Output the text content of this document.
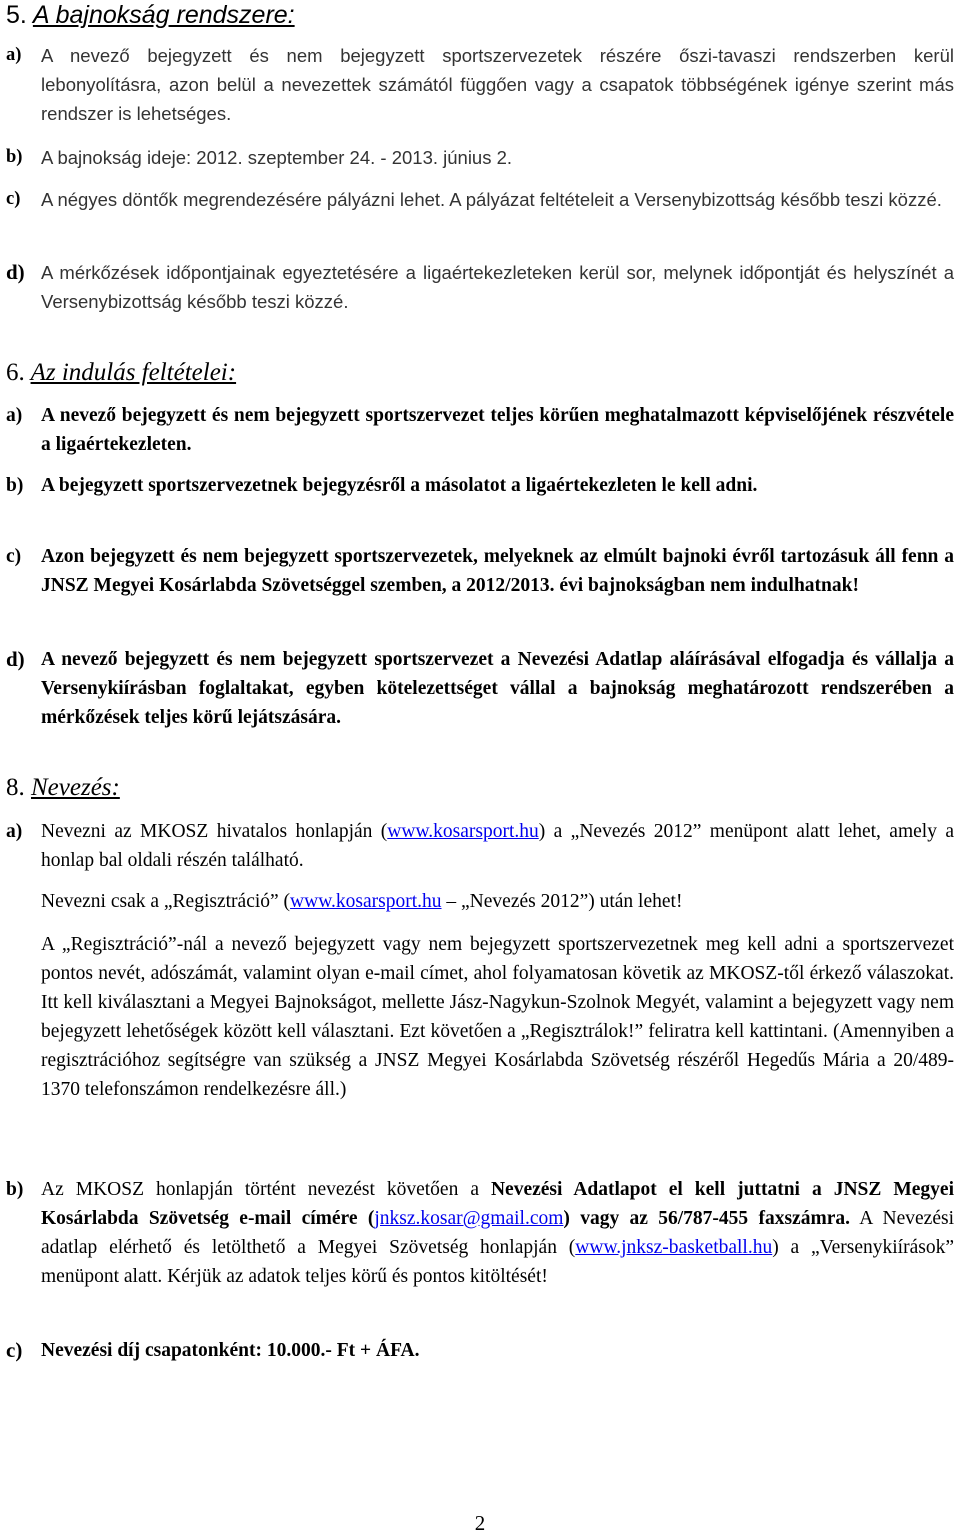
5. A bajnokság rendszere:
a) A nevező bejegyzett és nem bejegyzett sportszervezetek részére őszi-tavaszi rendszerben kerül lebonyolításra, azon belül a nevezettek számától függően vagy a csapatok többségének igénye szerint más rendszer is lehetséges.
b) A bajnokság ideje: 2012. szeptember 24. - 2013. június 2.
c) A négyes döntők megrendezésére pályázni lehet. A pályázat feltételeit a Versenybizottság később teszi közzé.
d) A mérkőzések időpontjainak egyeztetésére a ligaértekezleteken kerül sor, melynek időpontját és helyszínét a Versenybizottság később teszi közzé.
6. Az indulás feltételei:
a) A nevező bejegyzett és nem bejegyzett sportszervezet teljes körűen meghatalmazott képviselőjének részvétele a ligaértekezleten.
b) A bejegyzett sportszervezetnek bejegyzésről a másolatot a ligaértekezleten le kell adni.
c) Azon bejegyzett és nem bejegyzett sportszervezetek, melyeknek az elmúlt bajnoki évről tartozásuk áll fenn a JNSZ Megyei Kosárlabda Szövetséggel szemben, a 2012/2013. évi bajnokságban nem indulhatnak!
d) A nevező bejegyzett és nem bejegyzett sportszervezet a Nevezési Adatlap aláírásával elfogadja és vállalja a Versenykiírásban foglaltakat, egyben kötelezettséget vállal a bajnokság meghatározott rendszerében a mérkőzések teljes körű lejátszására.
8. Nevezés:
a) Nevezni az MKOSZ hivatalos honlapján (www.kosarsport.hu) a „Nevezés 2012” menüpont alatt lehet, amely a honlap bal oldali részén található.
Nevezni csak a „Regisztráció” (www.kosarsport.hu – „Nevezés 2012”) után lehet!
A „Regisztráció”-nál a nevező bejegyzett vagy nem bejegyzett sportszervezetnek meg kell adni a sportszervezet pontos nevét, adószámát, valamint olyan e-mail címet, ahol folyamatosan követik az MKOSZ-től érkező válaszokat. Itt kell kiválasztani a Megyei Bajnokságot, mellette Jász-Nagykun-Szolnok Megyét, valamint a bejegyzett vagy nem bejegyzett lehetőségek között kell választani. Ezt követően a „Regisztrálok!” feliratra kell kattintani. (Amennyiben a regisztrációhoz segítségre van szükség a JNSZ Megyei Kosárlabda Szövetség részéről Hegedűs Mária a 20/489-1370 telefonszámon rendelkezésre áll.)
b) Az MKOSZ honlapján történt nevezést követően a Nevezési Adatlapot el kell juttatni a JNSZ Megyei Kosárlabda Szövetség e-mail címére (jnksz.kosar@gmail.com) vagy az 56/787-455 faxszámra. A Nevezési adatlap elérhető és letölthető a Megyei Szövetség honlapján (www.jnksz-basketball.hu) a „Versenykiírások” menüpont alatt. Kérjük az adatok teljes körű és pontos kitöltését!
c) Nevezési díj csapatonként: 10.000.- Ft + ÁFA.
2
